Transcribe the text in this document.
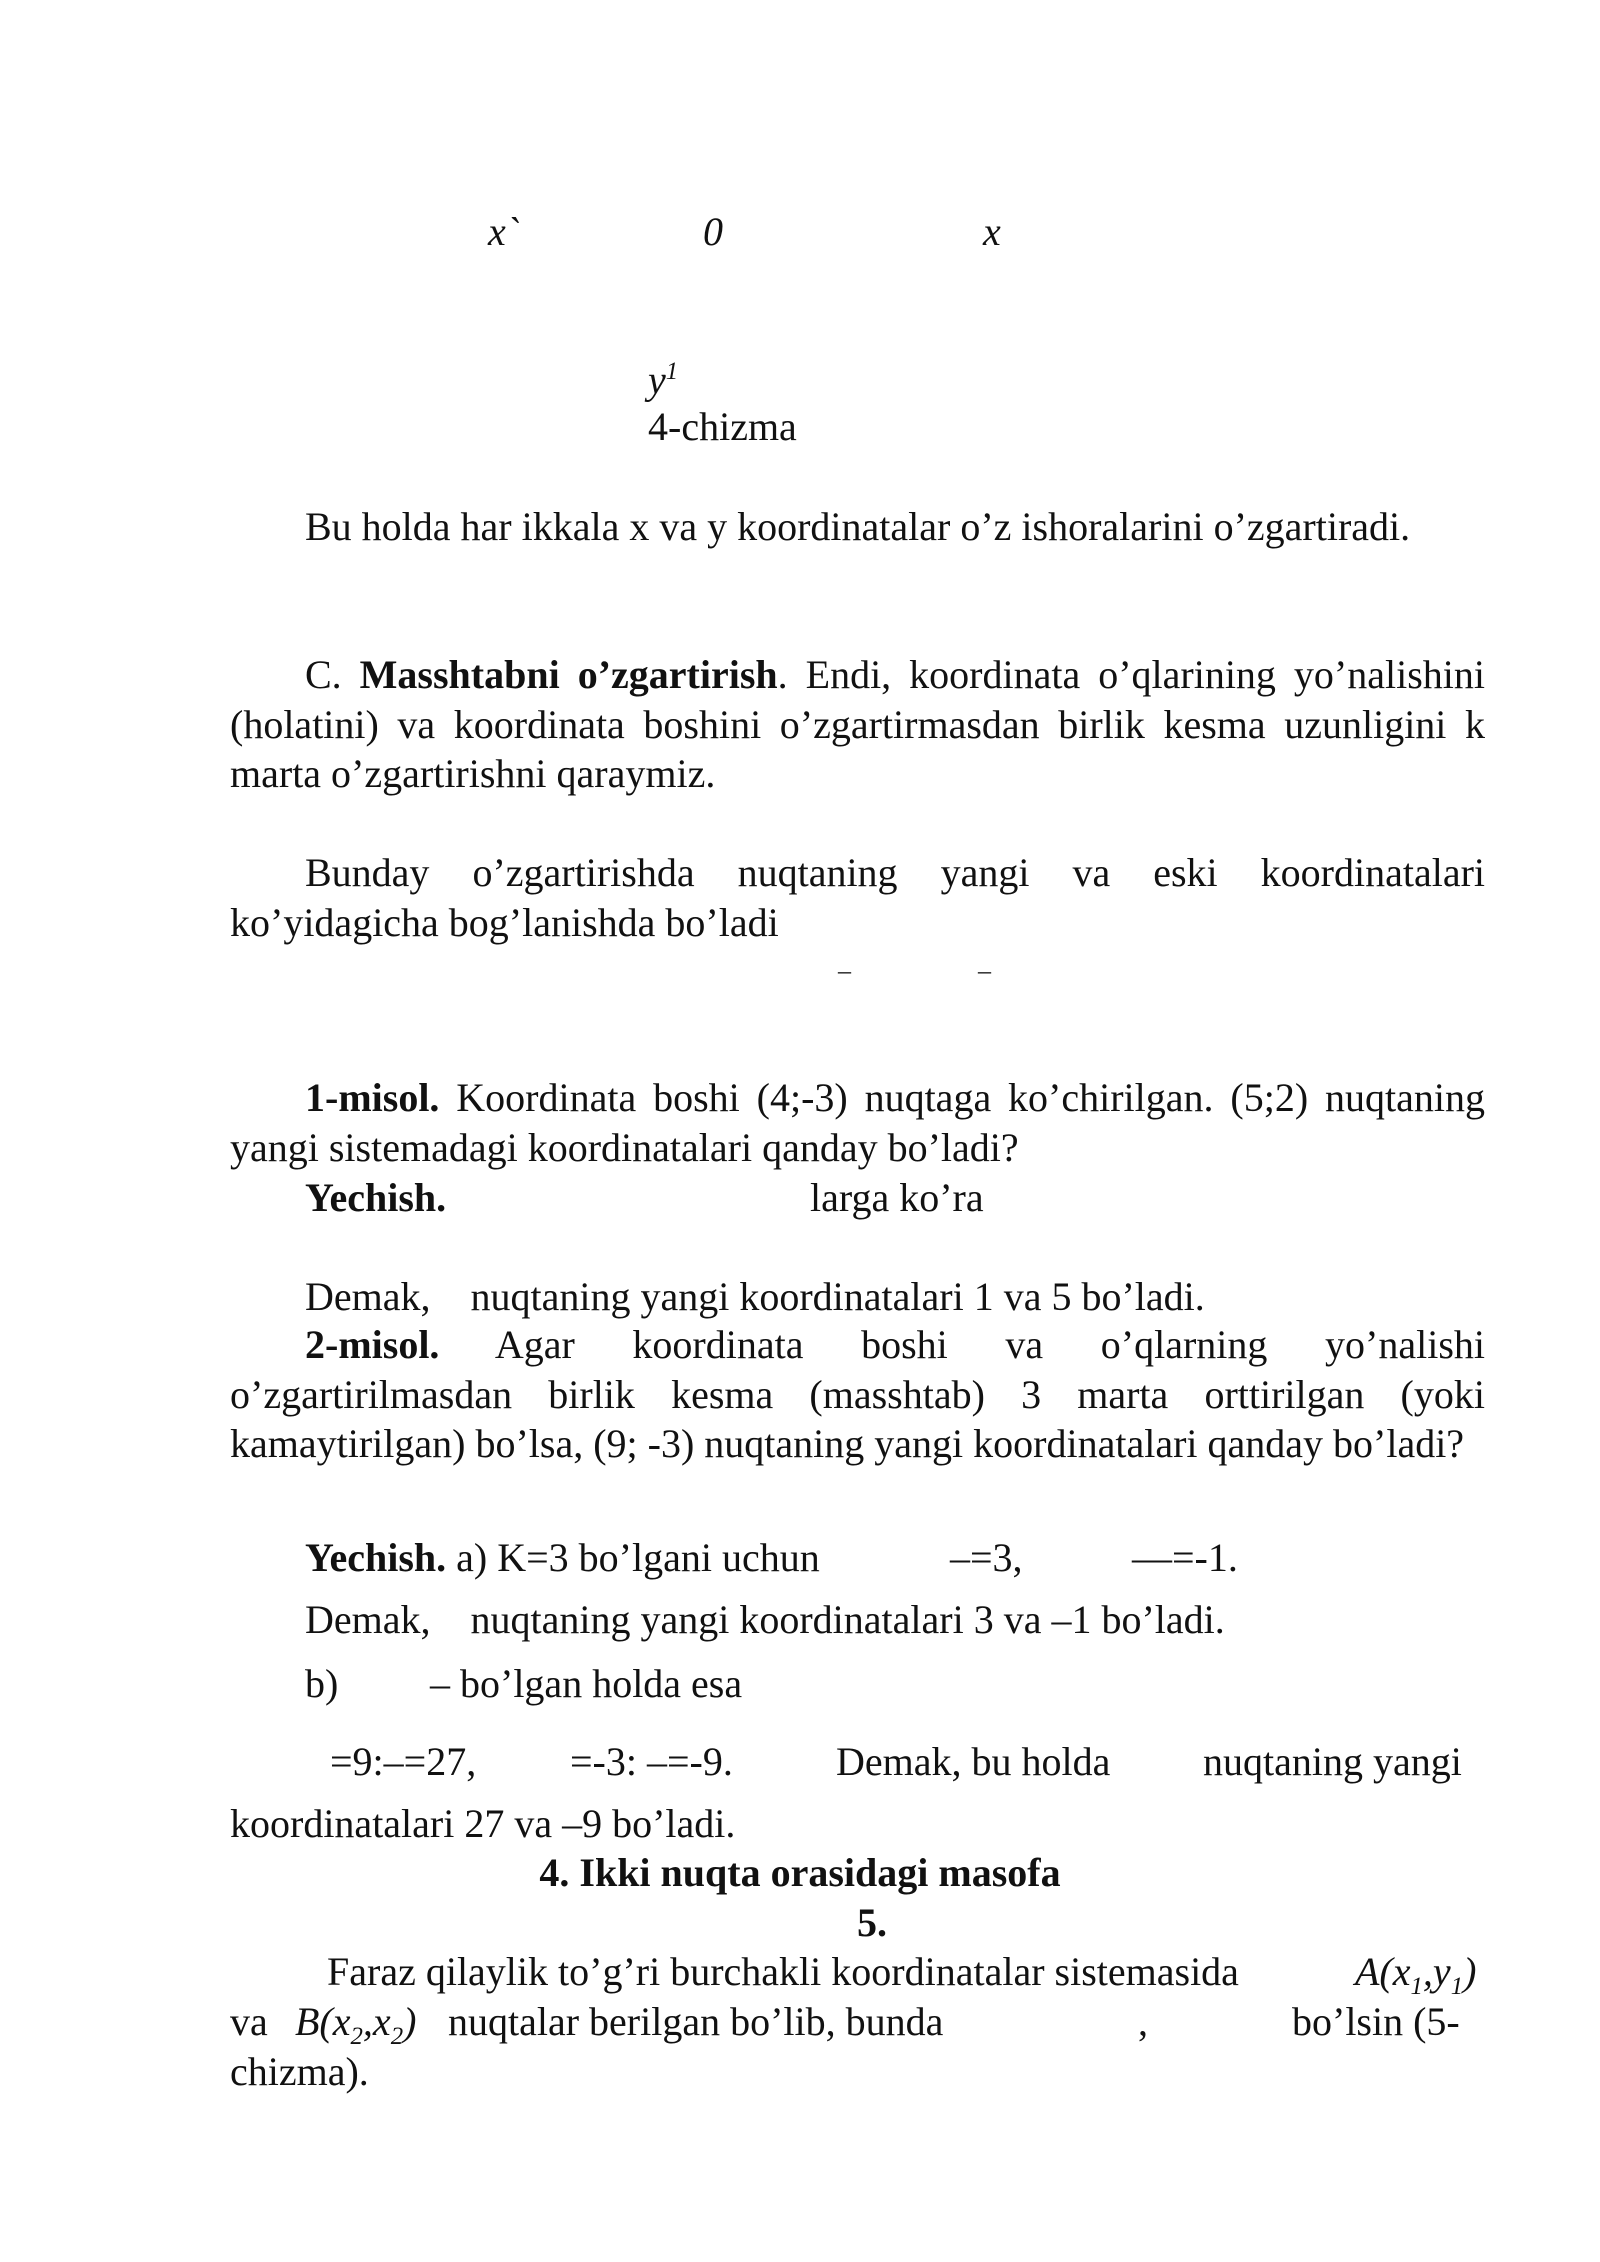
x`	0	x
$y^1$
4-chizma
Bu holda har ikkala x va y koordinatalar o’z ishoralarini o’zgartiradi.
C. Masshtabni o’zgartirish. Endi, koordinata o’qlarining yo’nalishini (holatini) va koordinata boshini o’zgartirmasdan birlik kesma uzunligini k marta o’zgartirishni qaraymiz.
Bunday o’zgartirishda nuqtaning yangi va eski koordinatalari ko’yidagicha bog’lanishda bo’ladi
–	–
1-misol. Koordinata boshi (4;-3) nuqtaga ko’chirilgan. (5;2) nuqtaning yangi sistemadagi koordinatalari qanday bo’ladi?
Yechish.	larga ko’ra
Demak,    nuqtaning yangi koordinatalari 1 va 5 bo’ladi.
2-misol. Agar koordinata boshi va o’qlarning yo’nalishi o’zgartirilmasdan birlik kesma (masshtab) 3 marta orttirilgan (yoki kamaytirilgan) bo’lsa, (9; -3) nuqtaning yangi koordinatalari qanday bo’ladi?
Yechish. a) K=3 bo’lgani uchun	–=3,	—=-1.
Demak,    nuqtaning yangi koordinatalari 3 va –1 bo’ladi.
b) – bo’lgan holda esa
=9:–=27, =-3: –=-9.	Demak, bu holda nuqtaning yangi
koordinatalari 27 va –9 bo’ladi.
4. Ikki nuqta orasidagi masofa
5.
Faraz qilaylik to’g’ri burchakli koordinatalar sistemasida	$A(x_1,y_1)$
va $B(x_2,x_2)$ nuqtalar berilgan bo’lib, bunda	,	bo’lsin (5-
chizma).
